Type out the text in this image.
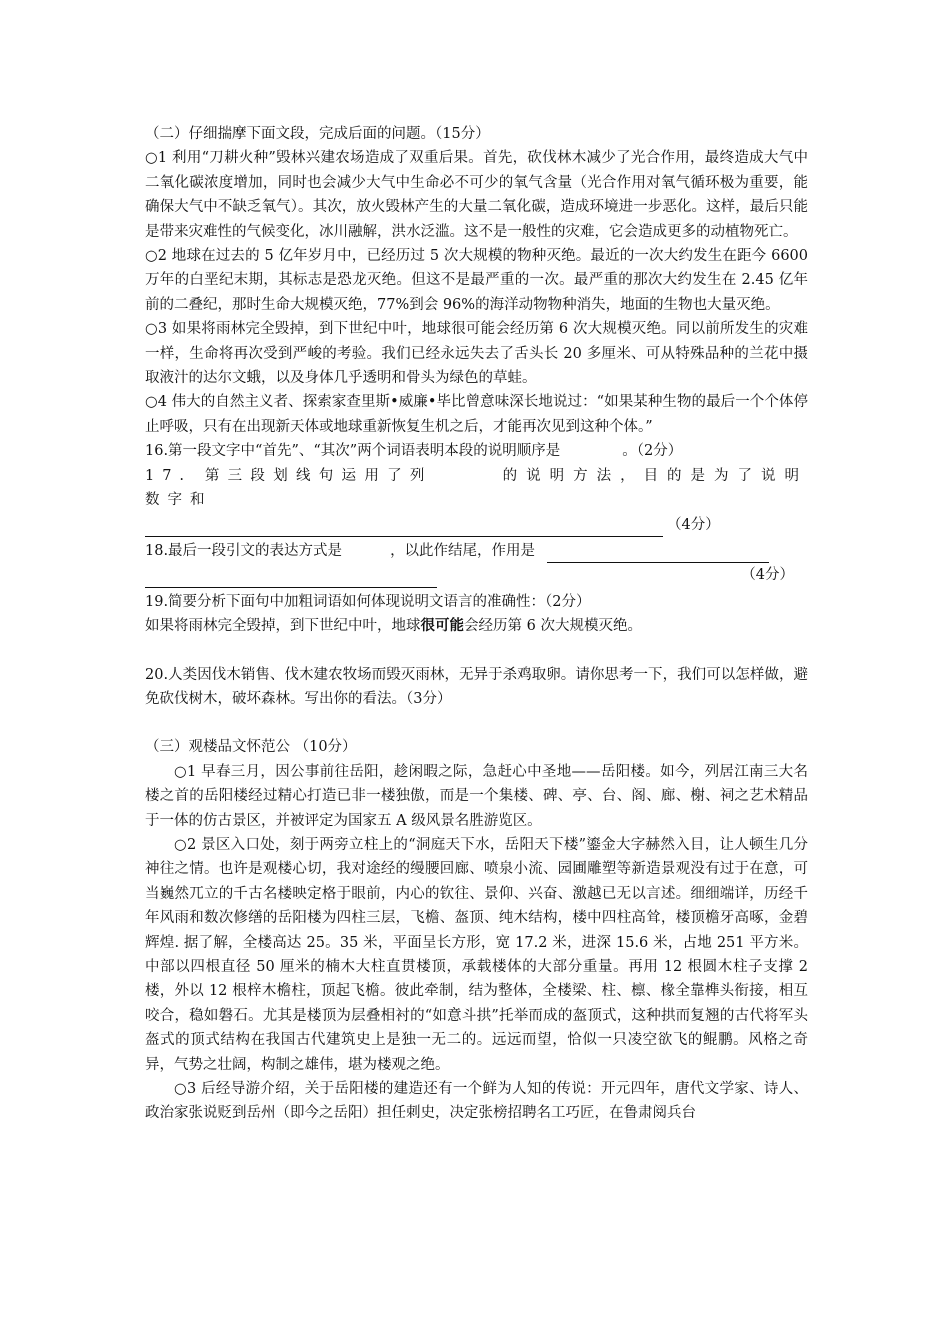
（二）仔细揣摩下面文段，完成后面的问题。（15分）

○1 利用“刀耕火种”毁林兴建农场造成了双重后果。首先，砍伐林木减少了光合作用，最终造成大气中二氧化碳浓度增加，同时也会减少大气中生命必不可少的氧气含量（光合作用对氧气循环极为重要，能确保大气中不缺乏氧气）。其次，放火毁林产生的大量二氧化碳，造成环境进一步恶化。这样，最后只能是带来灾难性的气候变化，冰川融解，洪水泛滥。这不是一般性的灾难，它会造成更多的动植物死亡。

○2 地球在过去的 5 亿年岁月中，已经历过 5 次大规模的物种灭绝。最近的一次大约发生在距今 6600 万年的白垩纪末期，其标志是恐龙灭绝。但这不是最严重的一次。最严重的那次大约发生在 2.45 亿年前的二叠纪，那时生命大规模灭绝，77%到会 96%的海洋动物物种消失，地面的生物也大量灭绝。

○3 如果将雨林完全毁掉，到下世纪中叶，地球很可能会经历第 6 次大规模灭绝。同以前所发生的灾难一样，生命将再次受到严峻的考验。我们已经永远失去了舌头长 20 多厘米、可从特殊品种的兰花中摄取液汁的达尔文蛾，以及身体几乎透明和骨头为绿色的草蛙。

○4 伟大的自然主义者、探索家查里斯•威廉•毕比曾意味深长地说过：“如果某种生物的最后一个个体停止呼吸，只有在出现新天体或地球重新恢复生机之后，才能再次见到这种个体。”

16.第一段文字中“首先”、“其次”两个词语表明本段的说明顺序是	。（2分）

17. 第三段划线句运用了列数字和
的说明方法，目的是为了说明

（4分）
18.最后一段引文的表达方式是	，以此作结尾，作用是
（4分）

19.简要分析下面句中加粗词语如何体现说明文语言的准确性：（2分）

如果将雨林完全毁掉，到下世纪中叶，地球很可能会经历第 6 次大规模灭绝。

20.人类因伐木销售、伐木建农牧场而毁灭雨林，无异于杀鸡取卵。请你思考一下，我们可以怎样做，避免砍伐树木，破坏森林。写出你的看法。（3分）

（三）观楼品文怀范公 （10分）

○1 早春三月，因公事前往岳阳，趁闲暇之际，急赶心中圣地——岳阳楼。如今，列居江南三大名楼之首的岳阳楼经过精心打造已非一楼独傲，而是一个集楼、碑、亭、台、阁、廊、榭、祠之艺术精品于一体的仿古景区，并被评定为国家五 A 级风景名胜游览区。

○2 景区入口处，刻于两旁立柱上的“洞庭天下水，岳阳天下楼”鎏金大字赫然入目，让人顿生几分神往之情。也许是观楼心切，我对途经的缦腰回廊、喷泉小流、园圃雕塑等新造景观没有过于在意，可当巍然兀立的千古名楼映定格于眼前，内心的钦往、景仰、兴奋、激越已无以言述。细细端详，历经千年风雨和数次修缮的岳阳楼为四柱三层，飞檐、盔顶、纯木结构，楼中四柱高耸，楼顶檐牙高啄，金碧辉煌. 据了解，全楼高达 25。35 米，平面呈长方形，宽 17.2 米，进深 15.6 米，占地 251 平方米。中部以四根直径 50 厘米的楠木大柱直贯楼顶，承载楼体的大部分重量。再用 12 根圆木柱子支撑 2 楼，外以 12 根梓木檐柱，顶起飞檐。彼此牵制，结为整体，全楼梁、柱、檩、椽全靠榫头衔接，相互咬合，稳如磐石。尤其是楼顶为层叠相衬的“如意斗拱”托举而成的盔顶式，这种拱而复翘的古代将军头盔式的顶式结构在我国古代建筑史上是独一无二的。远远而望，恰似一只凌空欲飞的鲲鹏。风格之奇异，气势之壮阔，构制之雄伟，堪为楼观之绝。

○3 后经导游介绍，关于岳阳楼的建造还有一个鲜为人知的传说：开元四年，唐代文学家、诗人、政治家张说贬到岳州（即今之岳阳）担任刺史，决定张榜招聘名工巧匠，在鲁肃阅兵台
